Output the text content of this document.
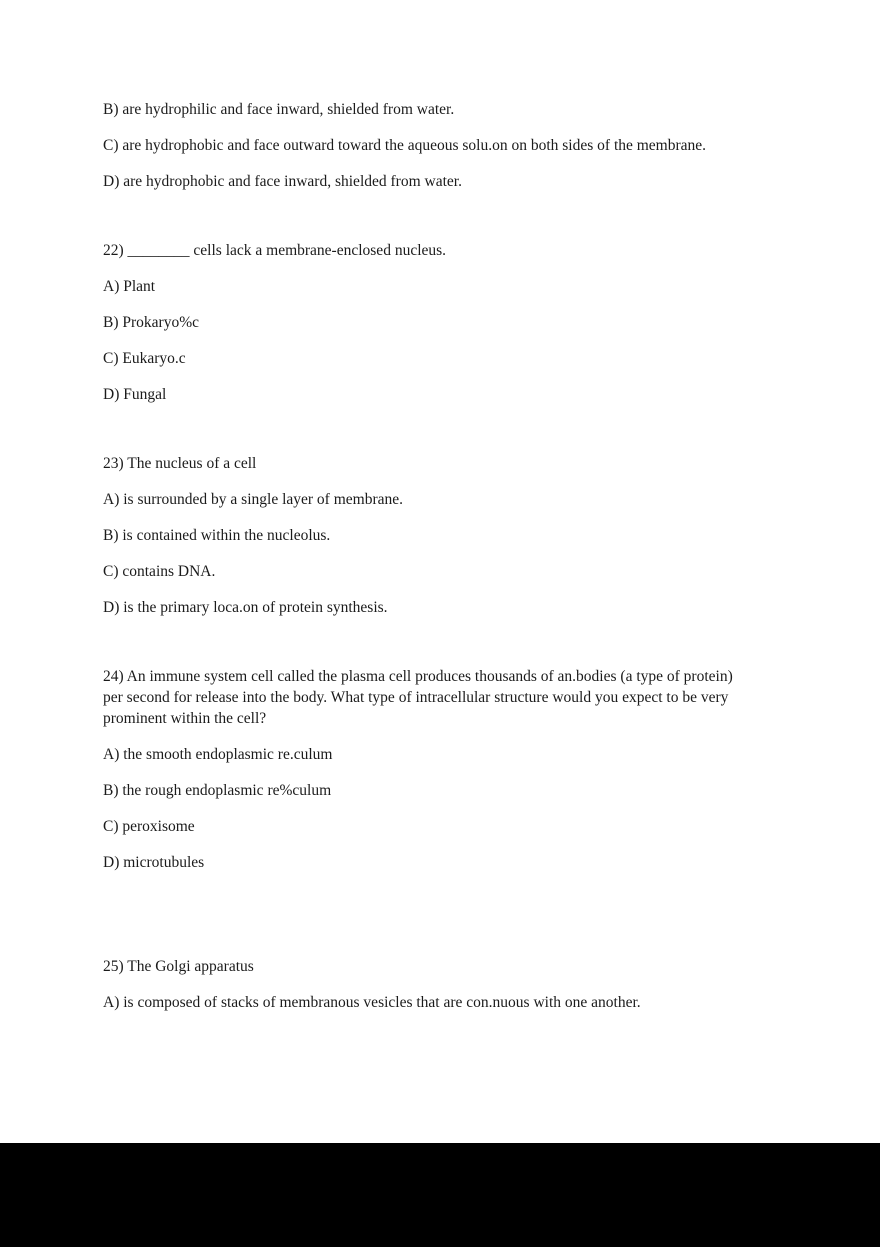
B) are hydrophilic and face inward, shielded from water.

C) are hydrophobic and face outward toward the aqueous solu.on on both sides of the membrane.

D) are hydrophobic and face inward, shielded from water.

22) ________ cells lack a membrane-enclosed nucleus.

A) Plant

B) Prokaryo%c

C) Eukaryo.c

D) Fungal

23) The nucleus of a cell

A) is surrounded by a single layer of membrane.

B) is contained within the nucleolus.

C) contains DNA.

D) is the primary loca.on of protein synthesis.

24) An immune system cell called the plasma cell produces thousands of an.bodies (a type of protein)
per second for release into the body. What type of intracellular structure would you expect to be very
prominent within the cell?

A) the smooth endoplasmic re.culum

B) the rough endoplasmic re%culum

C) peroxisome

D) microtubules

25) The Golgi apparatus

A) is composed of stacks of membranous vesicles that are con.nuous with one another.
